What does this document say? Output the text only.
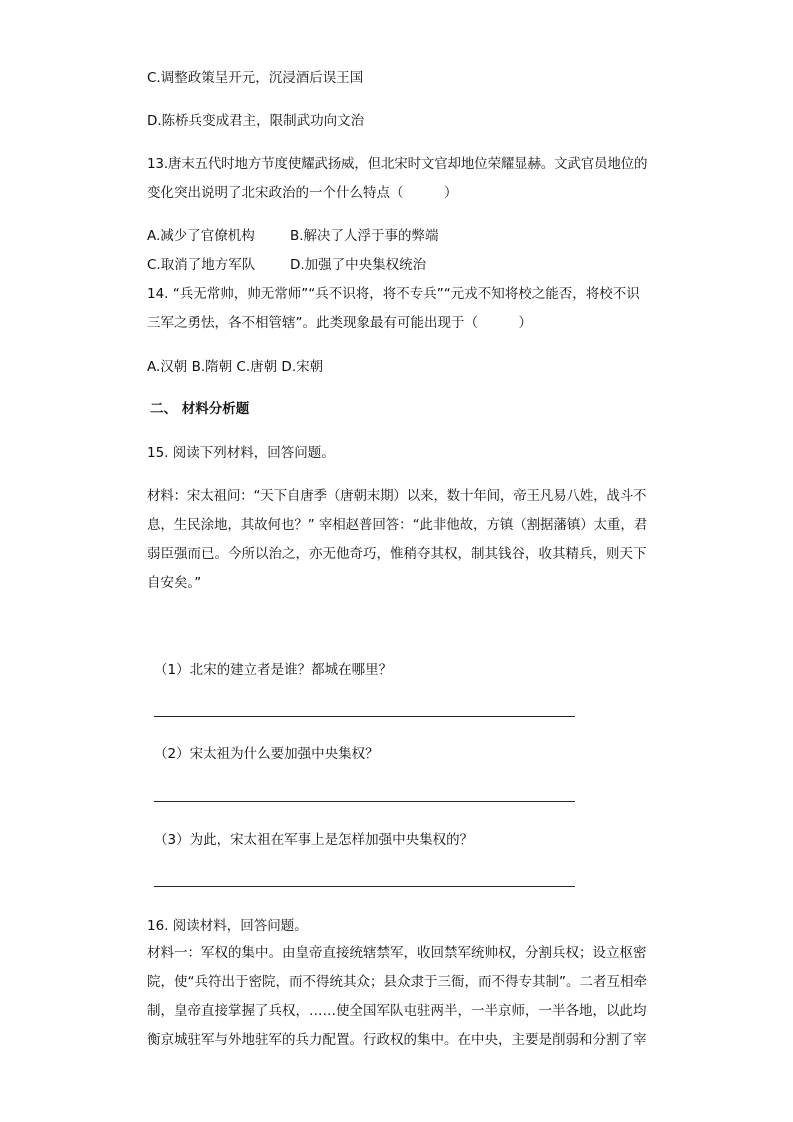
C.调整政策呈开元，沉浸酒后误王国
D.陈桥兵变成君主，限制武功向文治
13.唐末五代时地方节度使耀武扬威，但北宋时文官却地位荣耀显赫。文武官员地位的
变化突出说明了北宋政治的一个什么特点（　　　）
A.减少了官僚机构	B.解决了人浮于事的弊端
C.取消了地方军队	D.加强了中央集权统治
14. “兵无常帅，帅无常师”“兵不识将，将不专兵”“元戎不知将校之能否，将校不识
三军之勇怯，各不相管辖”。此类现象最有可能出现于（　　　）
A.汉朝 B.隋朝 C.唐朝 D.宋朝
二、 材料分析题
15. 阅读下列材料，回答问题。
材料：宋太祖问：“天下自唐季（唐朝末期）以来，数十年间，帝王凡易八姓，战斗不
息，生民涂地，其故何也？” 宰相赵普回答：“此非他故，方镇（割据藩镇）太重，君
弱臣强而已。今所以治之，亦无他奇巧，惟稍夺其权，制其钱谷，收其精兵，则天下
自安矣。”
（1）北宋的建立者是谁？都城在哪里？
（2）宋太祖为什么要加强中央集权？
（3）为此，宋太祖在军事上是怎样加强中央集权的？
16. 阅读材料，回答问题。
材料一：军权的集中。由皇帝直接统辖禁军，收回禁军统帅权，分割兵权；设立枢密
院，使“兵符出于密院，而不得统其众；县众隶于三衙，而不得专其制”。二者互相牵
制，皇帝直接掌握了兵权，……使全国军队屯驻两半，一半京师，一半各地，以此均
衡京城驻军与外地驻军的兵力配置。行政权的集中。在中央，主要是削弱和分割了宰
